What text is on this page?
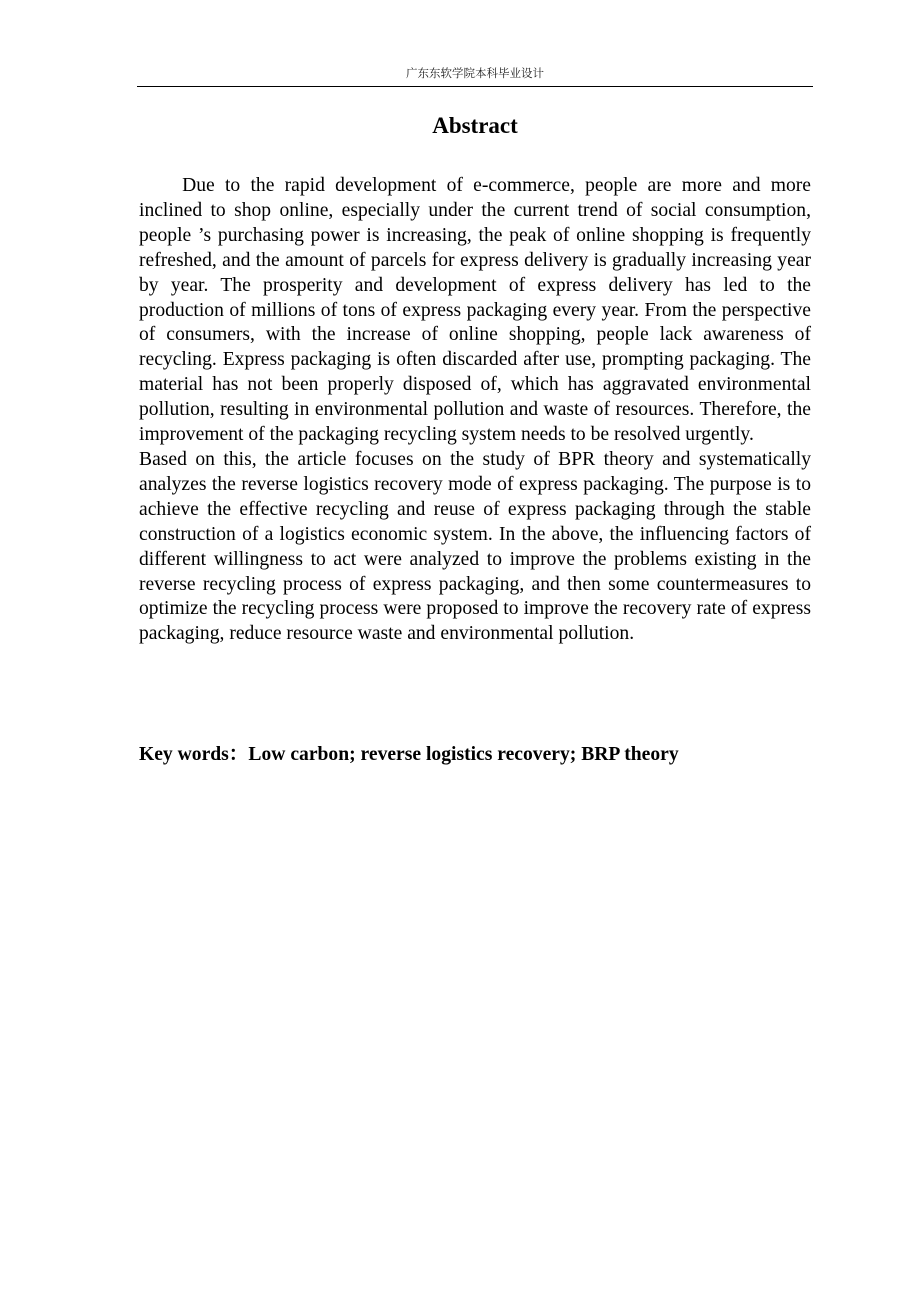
广东东软学院本科毕业设计
Abstract

Due to the rapid development of e-commerce, people are more and more inclined to shop online, especially under the current trend of social consumption, people ’s purchasing power is increasing, the peak of online shopping is frequently refreshed, and the amount of parcels for express delivery is gradually increasing year by year. The prosperity and development of express delivery has led to the production of millions of tons of express packaging every year. From the perspective of consumers, with the increase of online shopping, people lack awareness of recycling. Express packaging is often discarded after use, prompting packaging. The material has not been properly disposed of, which has aggravated environmental pollution, resulting in environmental pollution and waste of resources. Therefore, the improvement of the packaging recycling system needs to be resolved urgently.

Based on this, the article focuses on the study of BPR theory and systematically analyzes the reverse logistics recovery mode of express packaging. The purpose is to achieve the effective recycling and reuse of express packaging through the stable construction of a logistics economic system. In the above, the influencing factors of different willingness to act were analyzed to improve the problems existing in the reverse recycling process of express packaging, and then some countermeasures to optimize the recycling process were proposed to improve the recovery rate of express packaging, reduce resource waste and environmental pollution.

Key words：Low carbon; reverse logistics recovery; BRP theory
